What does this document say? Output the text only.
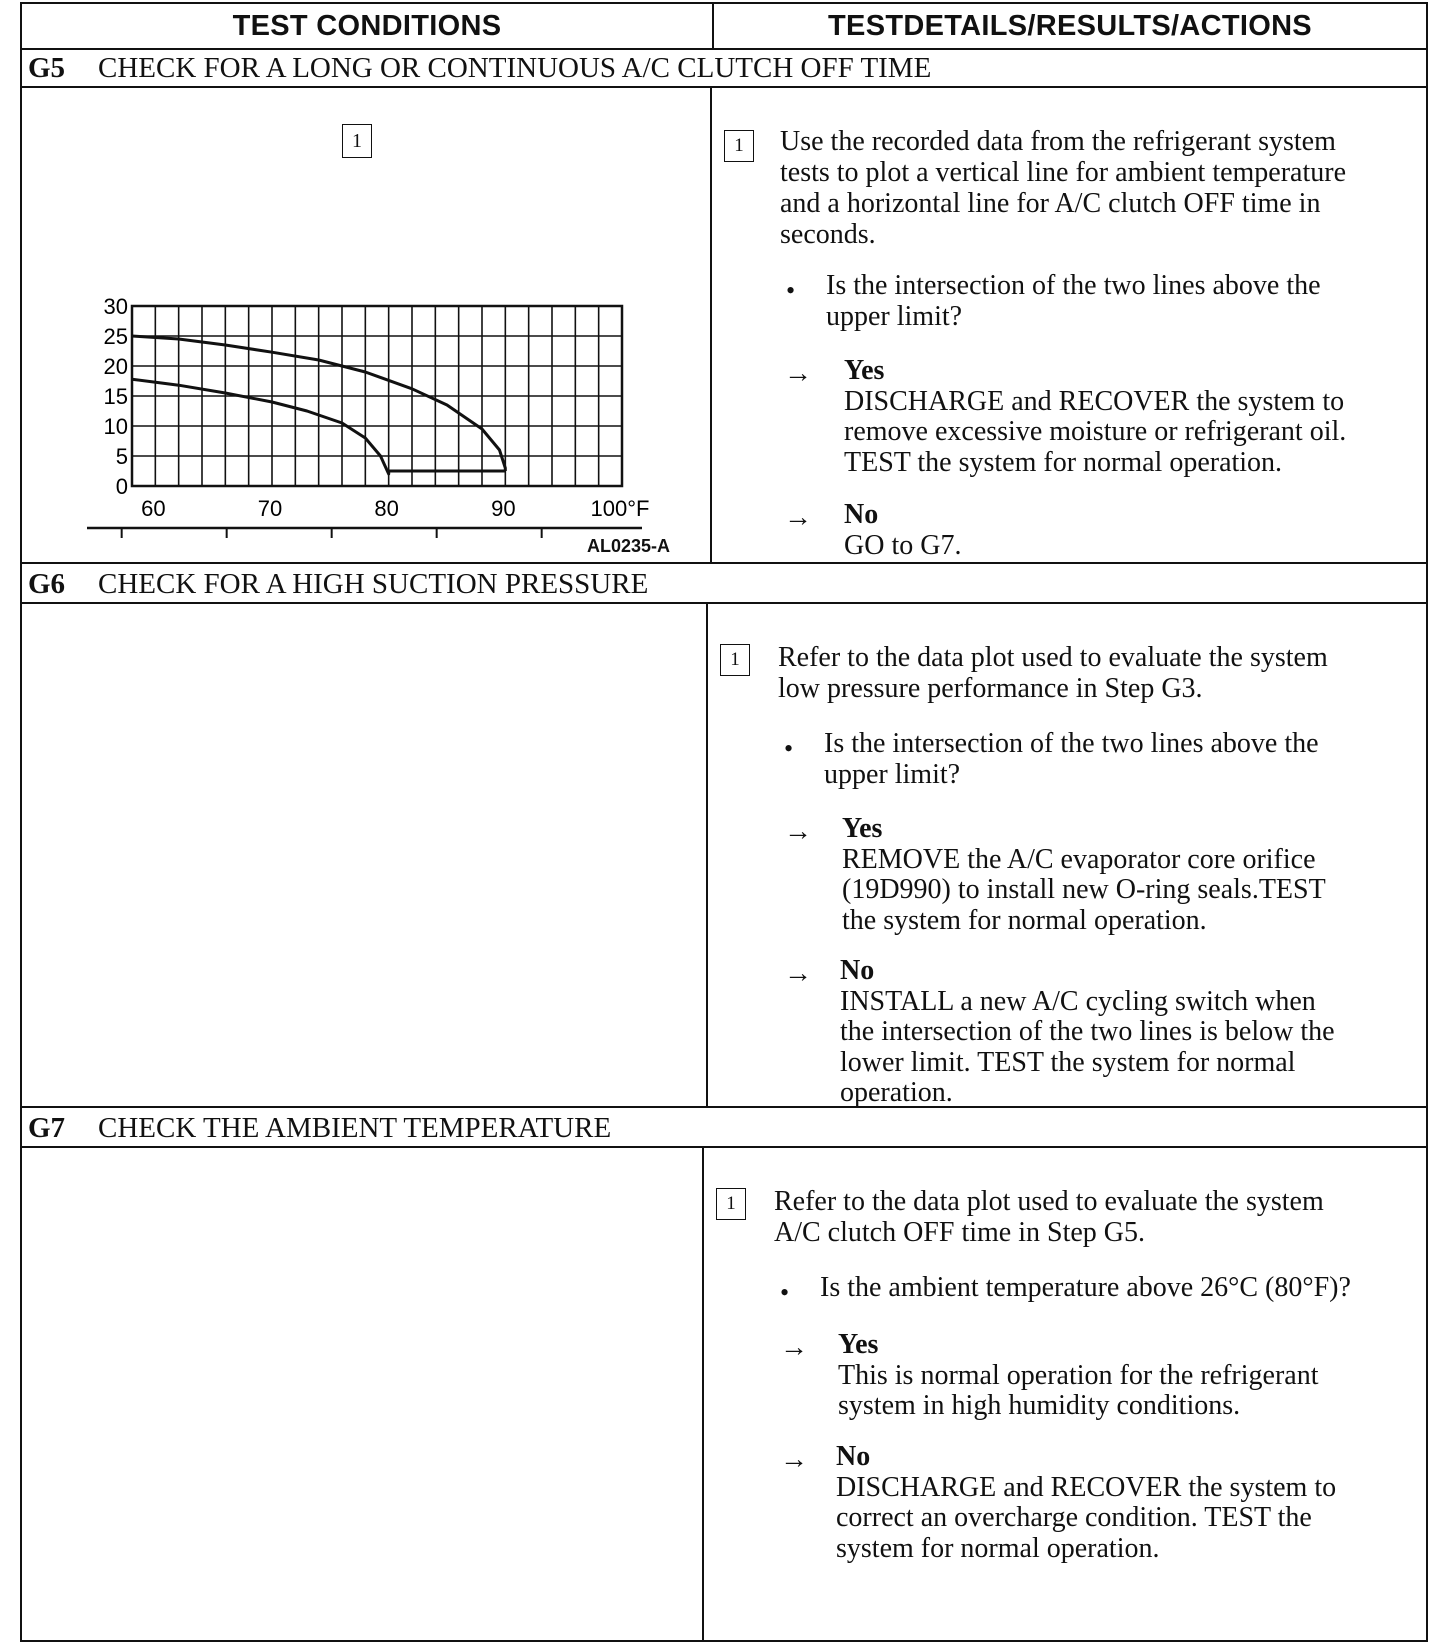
TEST CONDITIONS	TESTDETAILS/RESULTS/ACTIONS
G5 CHECK FOR A LONG OR CONTINUOUS A/C CLUTCH OFF TIME
1
30
25
20
15
10
5
0
60	70	80	90	100°F
AL0235-A
1	Use the recorded data from the refrigerant system
tests to plot a vertical line for ambient temperature
and a horizontal line for A/C clutch OFF time in
seconds.
• Is the intersection of the two lines above the
upper limit?
→ Yes
DISCHARGE and RECOVER the system to
remove excessive moisture or refrigerant oil.
TEST the system for normal operation.
→ No
GO to G7.
G6 CHECK FOR A HIGH SUCTION PRESSURE
1	Refer to the data plot used to evaluate the system
low pressure performance in Step G3.
• Is the intersection of the two lines above the
upper limit?
→ Yes
REMOVE the A/C evaporator core orifice
(19D990) to install new O-ring seals.TEST
the system for normal operation.
→ No
INSTALL a new A/C cycling switch when
the intersection of the two lines is below the
lower limit. TEST the system for normal
operation.
G7 CHECK THE AMBIENT TEMPERATURE
1	Refer to the data plot used to evaluate the system
A/C clutch OFF time in Step G5.
• Is the ambient temperature above 26°C (80°F)?
→ Yes
This is normal operation for the refrigerant
system in high humidity conditions.
→ No
DISCHARGE and RECOVER the system to
correct an overcharge condition. TEST the
system for normal operation.
